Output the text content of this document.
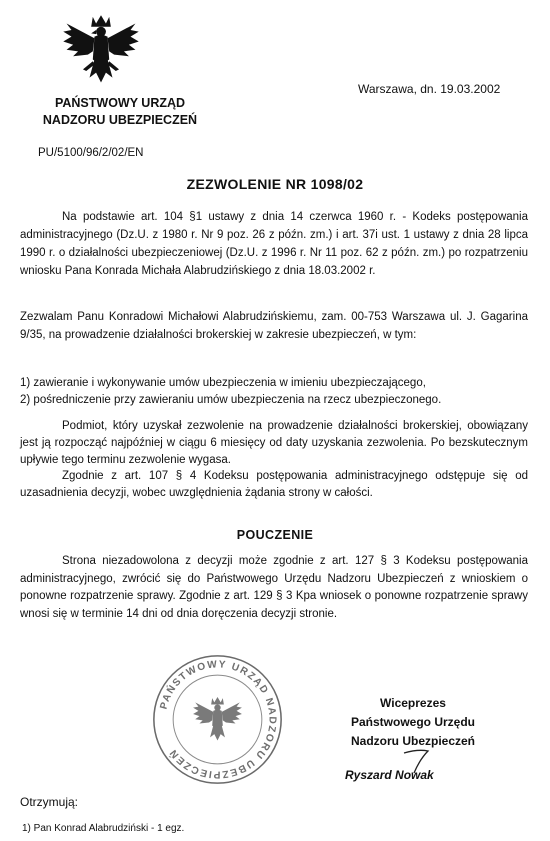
PAŃSTWOWY URZĄD
NADZORU UBEZPIECZEŃ
Warszawa, dn. 19.03.2002
PU/5100/96/2/02/EN
ZEZWOLENIE NR 1098/02
Na podstawie art. 104 §1 ustawy z dnia 14 czerwca 1960 r. - Kodeks postępowania administracyjnego (Dz.U. z 1980 r. Nr 9 poz. 26 z późn. zm.) i art. 37i ust. 1 ustawy z dnia 28 lipca 1990 r. o działalności ubezpieczeniowej (Dz.U. z 1996 r. Nr 11 poz. 62 z późn. zm.) po rozpatrzeniu wniosku Pana Konrada Michała Alabrudzińskiego z dnia 18.03.2002 r.
Zezwalam Panu Konradowi Michałowi Alabrudzińskiemu, zam. 00-753 Warszawa ul. J. Gagarina 9/35, na prowadzenie działalności brokerskiej w zakresie ubezpieczeń, w tym:
1) zawieranie i wykonywanie umów ubezpieczenia w imieniu ubezpieczającego,
2) pośredniczenie przy zawieraniu umów ubezpieczenia na rzecz ubezpieczonego.
Podmiot, który uzyskał zezwolenie na prowadzenie działalności brokerskiej, obowiązany jest ją rozpocząć najpóźniej w ciągu 6 miesięcy od daty uzyskania zezwolenia. Po bezskutecznym upływie tego terminu zezwolenie wygasa.
Zgodnie z art. 107 § 4 Kodeksu postępowania administracyjnego odstępuje się od uzasadnienia decyzji, wobec uwzględnienia żądania strony w całości.
POUCZENIE
Strona niezadowolona z decyzji może zgodnie z art. 127 § 3 Kodeksu postępowania administracyjnego, zwrócić się do Państwowego Urzędu Nadzoru Ubezpieczeń z wnioskiem o ponowne rozpatrzenie sprawy. Zgodnie z art. 129 § 3 Kpa wniosek o ponowne rozpatrzenie sprawy wnosi się w terminie 14 dni od dnia doręczenia decyzji stronie.
PAŃSTWOWY URZĄD NADZORU UBEZPIECZEŃ
Wiceprezes
Państwowego Urzędu
Nadzoru Ubezpieczeń
Ryszard Nowak
Otrzymują:
1) Pan Konrad Alabrudziński - 1 egz.
